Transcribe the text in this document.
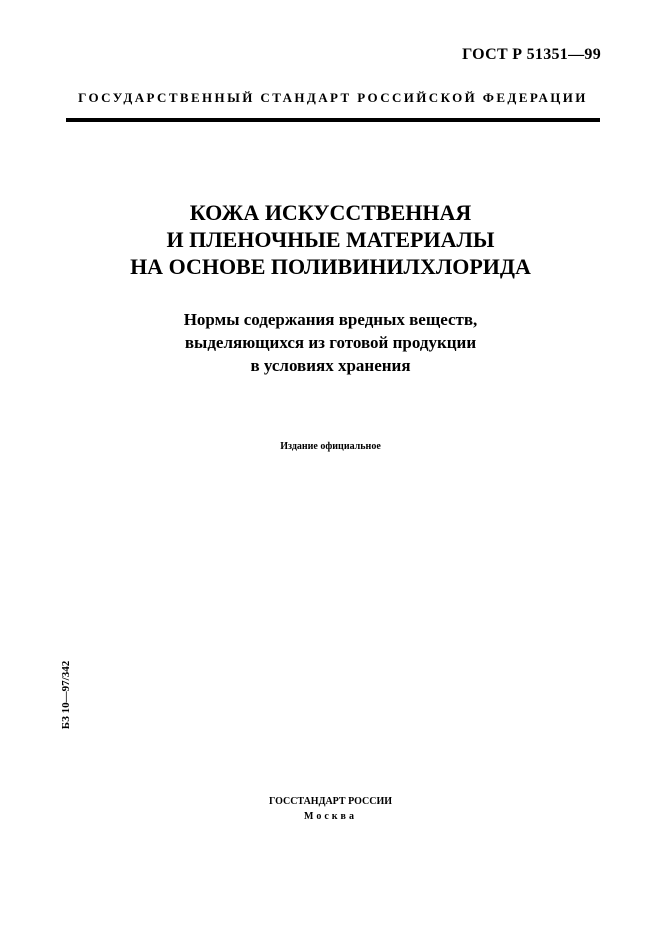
ГОСТ Р 51351—99
ГОСУДАРСТВЕННЫЙ СТАНДАРТ РОССИЙСКОЙ ФЕДЕРАЦИИ
КОЖА ИСКУССТВЕННАЯ
И ПЛЕНОЧНЫЕ МАТЕРИАЛЫ
НА ОСНОВЕ ПОЛИВИНИЛХЛОРИДА
Нормы содержания вредных веществ,
выделяющихся из готовой продукции
в условиях хранения
Издание официальное
БЗ 10—97/342
ГОССТАНДАРТ РОССИИ
Москва
